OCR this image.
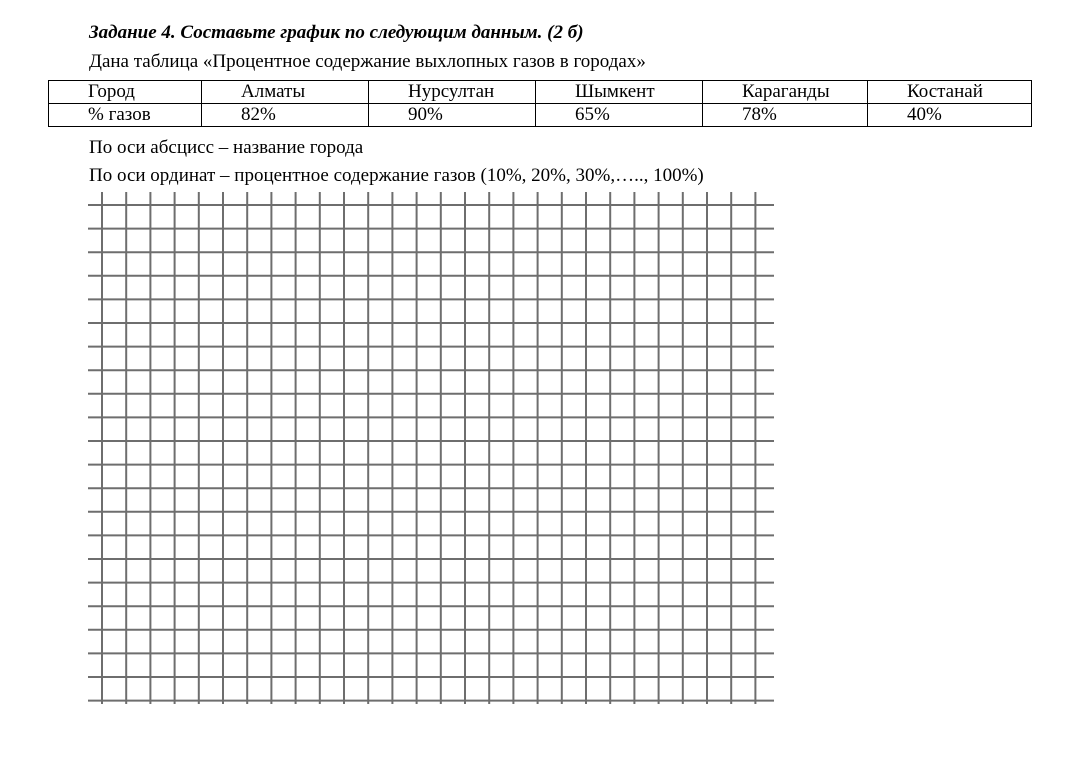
Задание 4. Составьте график по следующим данным. (2 б)
Дана таблица «Процентное содержание выхлопных газов в городах»
Город	Алматы	Нурсултан	Шымкент	Караганды	Костанай
% газов	82%	90%	65%	78%	40%
По оси абсцисс – название города
По оси ординат – процентное содержание газов (10%, 20%, 30%,….., 100%)
